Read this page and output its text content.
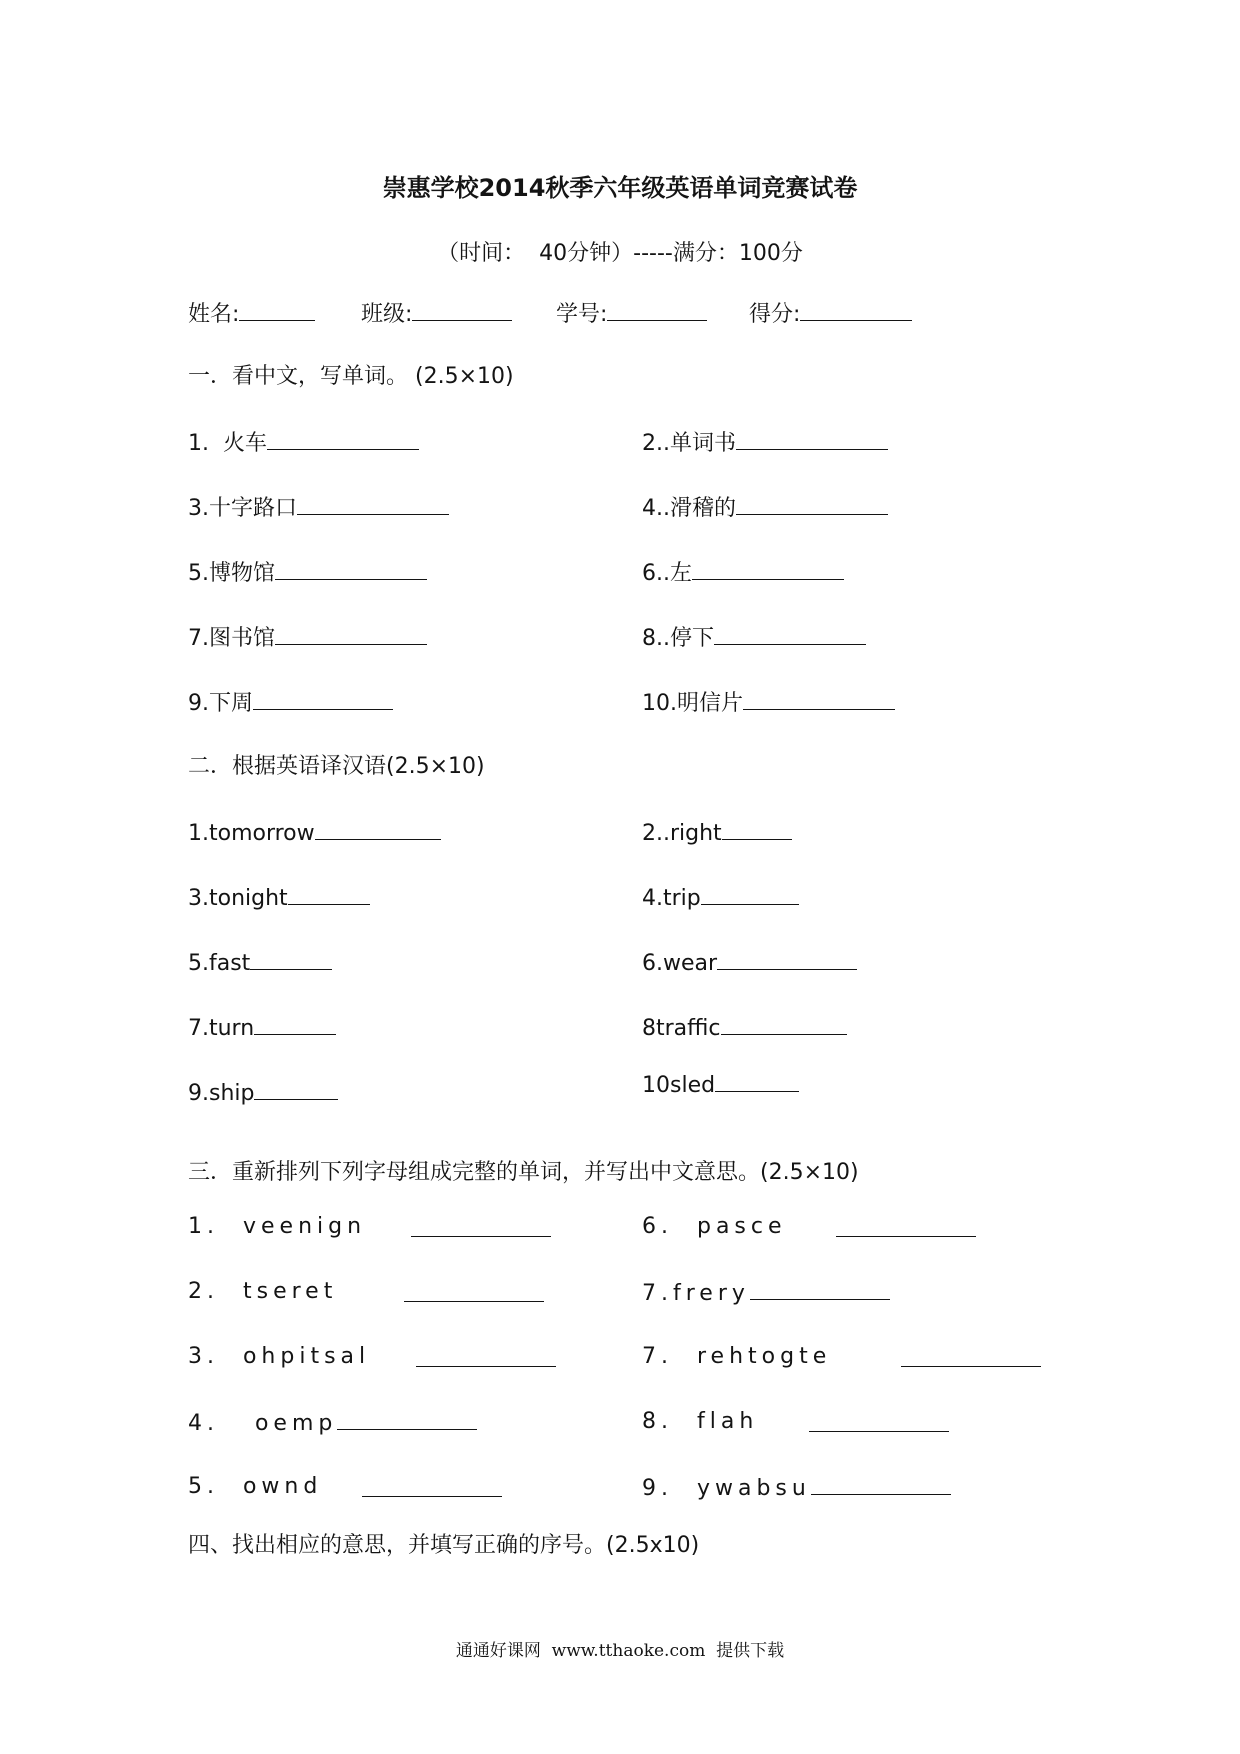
崇惠学校2014秋季六年级英语单词竞赛试卷
（时间：  40分钟）-----满分：100分
姓名:	班级:	学号:	得分:
一．看中文，写单词。 (2.5×10)
1.  火车	2..单词书
3.十字路口	4..滑稽的
5.博物馆	6..左
7.图书馆	8..停下
9.下周	10.明信片
二．根据英语译汉语(2.5×10)
1.tomorrow	2..right
3.tonight	4.trip
5.fast	6.wear
7.turn	8traffic
9.ship	10sled
三．重新排列下列字母组成完整的单词，并写出中文意思。(2.5×10)
1.  veenign	6.  pasce
2.  tseret	7.frery
3.  ohpitsal	7.  rehtogte
4.   oemp	8.  flah
5.  ownd	9.  ywabsu
四、找出相应的意思，并填写正确的序号。(2.5x10)
通通好课网  www.tthaoke.com  提供下载
